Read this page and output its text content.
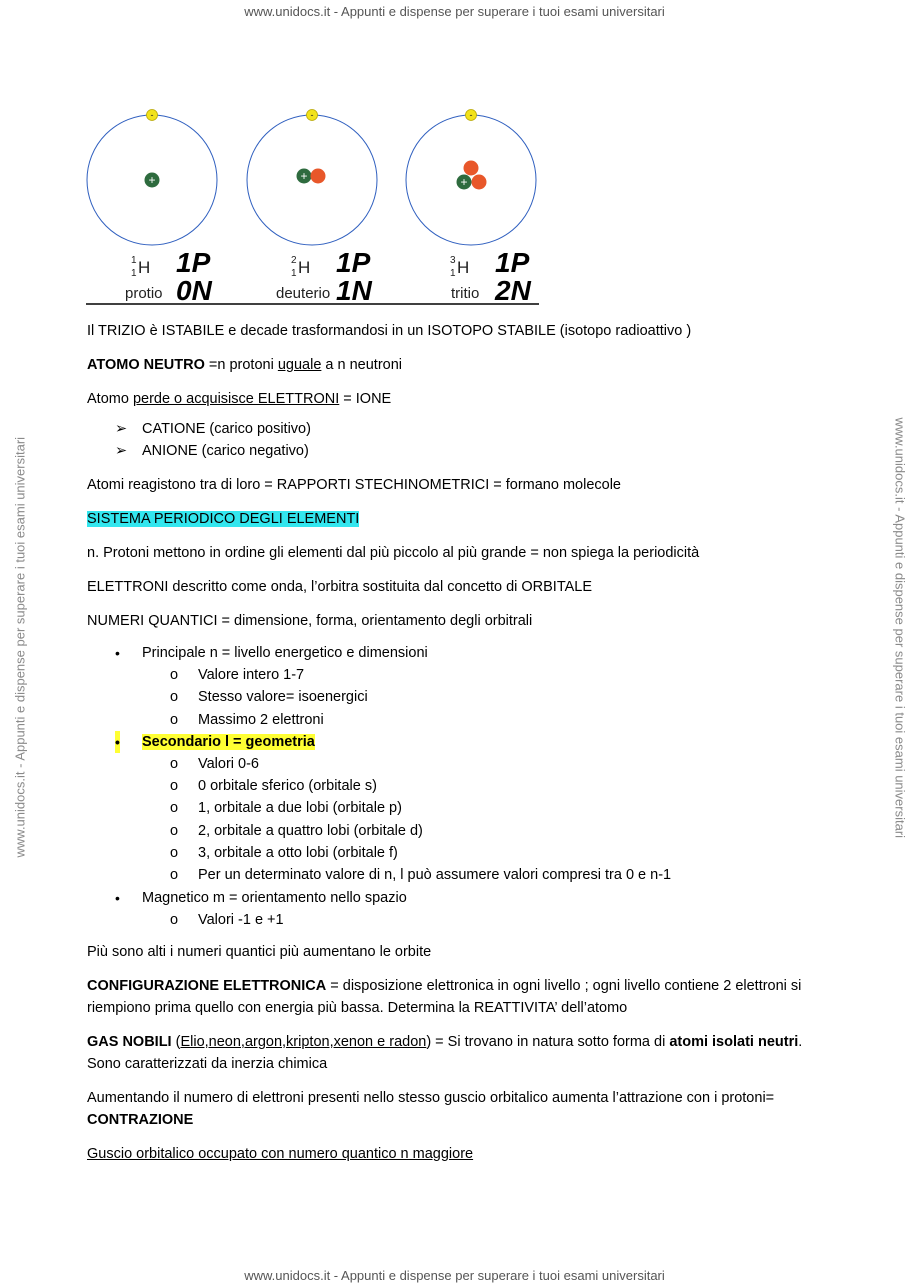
www.unidocs.it - Appunti e dispense per superare i tuoi esami universitari
www.unidocs.it - Appunti e dispense per superare i tuoi esami universitari	www.unidocs.it - Appunti e dispense per superare i tuoi esami universitari
-
+
1
1 H
protio
1P
0N
-
+
2
1 H
deuterio
1P
1N
-
+
3
1 H
tritio
1P
2N

Il TRIZIO è ISTABILE e decade trasformandosi in un ISOTOPO STABILE (isotopo radioattivo )

ATOMO NEUTRO =n protoni uguale a n neutroni

Atomo perde o acquisisce ELETTRONI = IONE

➢ CATIONE (carico positivo)
➢ ANIONE (carico negativo)

Atomi reagistono tra di loro = RAPPORTI STECHINOMETRICI = formano molecole

SISTEMA PERIODICO DEGLI ELEMENTI

n. Protoni mettono in ordine gli elementi dal più piccolo al più grande = non spiega la periodicità

ELETTRONI descritto come onda, l’orbitra sostituita dal concetto di ORBITALE

NUMERI QUANTICI = dimensione, forma, orientamento degli orbitrali

• Principale n = livello energetico e dimensioni
o Valore intero 1-7
o Stesso valore= isoenergici
o Massimo 2 elettroni
• Secondario l = geometria
o Valori 0-6
o 0 orbitale sferico (orbitale s)
o 1, orbitale a due lobi (orbitale p)
o 2, orbitale a quattro lobi (orbitale d)
o 3, orbitale a otto lobi (orbitale f)
o Per un determinato valore di n, l può assumere valori compresi tra 0 e n-1
• Magnetico m = orientamento nello spazio
o Valori -1 e +1

Più sono alti i numeri quantici più aumentano le orbite

CONFIGURAZIONE ELETTRONICA = disposizione elettronica in ogni livello ; ogni livello contiene 2 elettroni si riempiono prima quello con energia più bassa. Determina la REATTIVITA’ dell’atomo

GAS NOBILI (Elio,neon,argon,kripton,xenon e radon) = Si trovano in natura sotto forma di atomi isolati neutri. Sono caratterizzati da inerzia chimica

Aumentando il numero di elettroni presenti nello stesso guscio orbitalico aumenta l’attrazione con i protoni= CONTRAZIONE

Guscio orbitalico occupato con numero quantico n maggiore

www.unidocs.it - Appunti e dispense per superare i tuoi esami universitari
